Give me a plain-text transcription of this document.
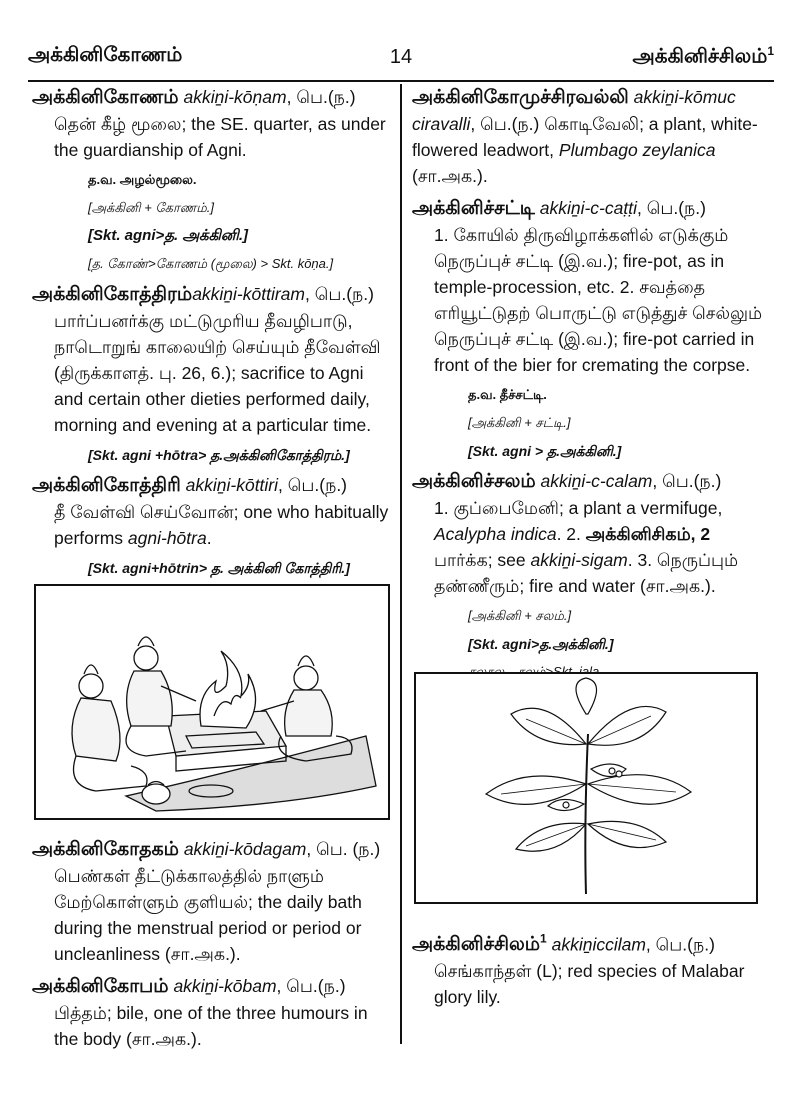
அக்கினிகோணம்	14	அக்கினிச்சிலம்$^1$
அக்கினிகோணம் akkiṉi-kōṇam, பெ.(ந.)
தென் கீழ் மூலை; the SE. quarter, as under the guardianship of Agni.
த.வ. அழல்மூலை.
[அக்கினி + கோணம்.]
[Skt. agni>த. அக்கினி.]
[த. கோண்>கோணம் (மூலை) > Skt. kōṇa.]
அக்கினிகோத்திரம்akkiṉi-kōttiram, பெ.(ந.)
பார்ப்பனர்க்கு மட்டுமுரிய தீவழிபாடு, நாடொறுங் காலையிற் செய்யும் தீவேள்வி (திருக்காளத். பு. 26, 6.); sacrifice to Agni and certain other dieties performed daily, morning and evening at a particular time.
[Skt. agni +hōtra> த.அக்கினிகோத்திரம்.]
அக்கினிகோத்திரி akkiṉi-kōttiri, பெ.(ந.)
தீ வேள்வி செய்வோன்; one who habitually performs agni-hōtra.
[Skt. agni+hōtrin> த. அக்கினி கோத்திரி.]
அக்கினிகோதகம் akkiṉi-kōdagam, பெ. (ந.)
பெண்கள் தீட்டுக்காலத்தில் நாளும் மேற்கொள்ளும் குளியல்; the daily bath during the menstrual period or period or uncleanliness (சா.அக.).
அக்கினிகோபம் akkiṉi-kōbam, பெ.(ந.)
பித்தம்; bile, one of the three humours in the body (சா.அக.).
அக்கினிகோமுச்சிரவல்லி akkiṉi-kōmuc ciravalli, பெ.(ந.) கொடிவேலி; a plant, white-flowered leadwort, Plumbago zeylanica (சா.அக.).
அக்கினிச்சட்டி akkiṉi-c-caṭṭi, பெ.(ந.)
1. கோயில் திருவிழாக்களில் எடுக்கும் நெருப்புச் சட்டி (இ.வ.); fire-pot, as in temple-procession, etc. 2. சவத்தை எரியூட்டுதற் பொருட்டு எடுத்துச் செல்லும் நெருப்புச் சட்டி (இ.வ.); fire-pot carried in front of the bier for cremating the corpse.
த.வ. தீச்சட்டி.
[அக்கினி + சட்டி.]
[Skt. agni > த.அக்கினி.]
அக்கினிச்சலம் akkiṉi-c-calam, பெ.(ந.)
1. குப்பைமேனி; a plant a vermifuge, Acalypha indica. 2. அக்கினிசிகம், 2 பார்க்க; see akkiṉi-sigam. 3. நெருப்பும் தண்ணீரும்; fire and water (சா.அக.).
[அக்கினி + சலம்.]
[Skt. agni>த.அக்கினி.]
அக்கினிச்சிலம்$^1$ akkiṉiccilam, பெ.(ந.)
செங்காந்தள் (L); red species of Malabar glory lily.
